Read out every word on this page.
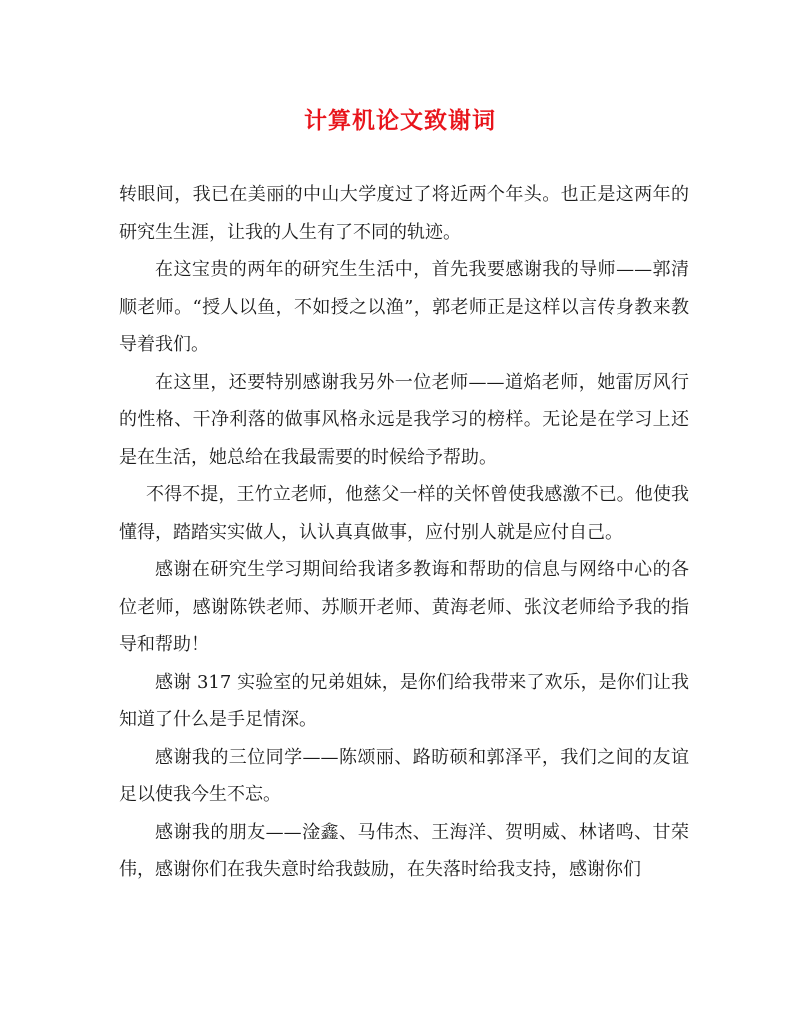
计算机论文致谢词

转眼间，我已在美丽的中山大学度过了将近两个年头。也正是这两年的研究生生涯，让我的人生有了不同的轨迹。

在这宝贵的两年的研究生生活中，首先我要感谢我的导师——郭清顺老师。“授人以鱼，不如授之以渔”，郭老师正是这样以言传身教来教导着我们。

在这里，还要特别感谢我另外一位老师——道焰老师，她雷厉风行的性格、干净利落的做事风格永远是我学习的榜样。无论是在学习上还是在生活，她总给在我最需要的时候给予帮助。

不得不提，王竹立老师，他慈父一样的关怀曾使我感激不已。他使我懂得，踏踏实实做人，认认真真做事，应付别人就是应付自己。

感谢在研究生学习期间给我诸多教诲和帮助的信息与网络中心的各位老师，感谢陈铁老师、苏顺开老师、黄海老师、张汶老师给予我的指导和帮助！

感谢 317 实验室的兄弟姐妹，是你们给我带来了欢乐，是你们让我知道了什么是手足情深。

感谢我的三位同学——陈颂丽、路昉硕和郭泽平，我们之间的友谊足以使我今生不忘。

感谢我的朋友——淦鑫、马伟杰、王海洋、贺明威、林诸鸣、甘荣伟，感谢你们在我失意时给我鼓励，在失落时给我支持，感谢你们
